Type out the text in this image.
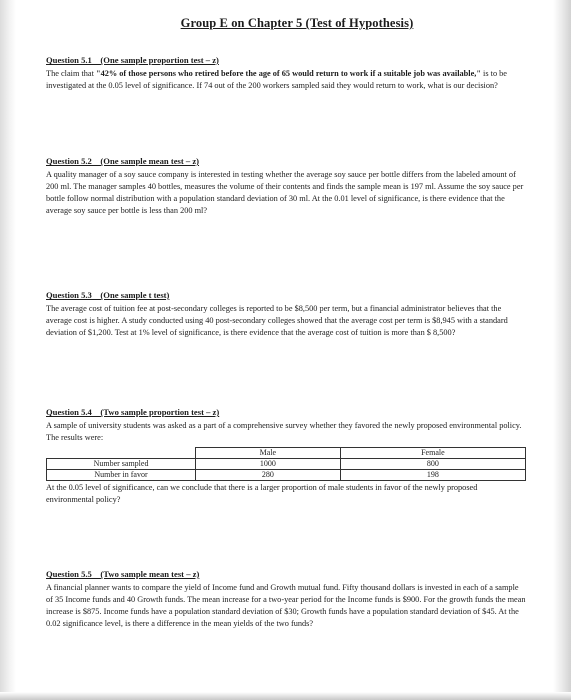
Group E on Chapter 5 (Test of Hypothesis)
Question 5.1    (One sample proportion test – z)

The claim that "42% of those persons who retired before the age of 65 would return to work if a suitable job was available," is to be investigated at the 0.05 level of significance. If 74 out of the 200 workers sampled said they would return to work, what is our decision?

Question 5.2    (One sample mean test – z)

A quality manager of a soy sauce company is interested in testing whether the average soy sauce per bottle differs from the labeled amount of 200 ml. The manager samples 40 bottles, measures the volume of their contents and finds the sample mean is 197 ml. Assume the soy sauce per bottle follow normal distribution with a population standard deviation of 30 ml. At the 0.01 level of significance, is there evidence that the average soy sauce per bottle is less than 200 ml?

Question 5.3    (One sample t test)

The average cost of tuition fee at post-secondary colleges is reported to be $8,500 per term, but a financial administrator believes that the average cost is higher. A study conducted using 40 post-secondary colleges showed that the average cost per term is $8,945 with a standard deviation of $1,200. Test at 1% level of significance, is there evidence that the average cost of tuition is more than $ 8,500?

Question 5.4    (Two sample proportion test – z)

A sample of university students was asked as a part of a comprehensive survey whether they favored the newly proposed environmental policy. The results were:

	Male	Female
Number sampled	1000	800
Number in favor	280	198

At the 0.05 level of significance, can we conclude that there is a larger proportion of male students in favor of the newly proposed environmental policy?

Question 5.5    (Two sample mean test – z)

A financial planner wants to compare the yield of Income fund and Growth mutual fund. Fifty thousand dollars is invested in each of a sample of 35 Income funds and 40 Growth funds. The mean increase for a two-year period for the Income funds is $900. For the growth funds the mean increase is $875. Income funds have a population standard deviation of $30; Growth funds have a population standard deviation of $45. At the 0.02 significance level, is there a difference in the mean yields of the two funds?
